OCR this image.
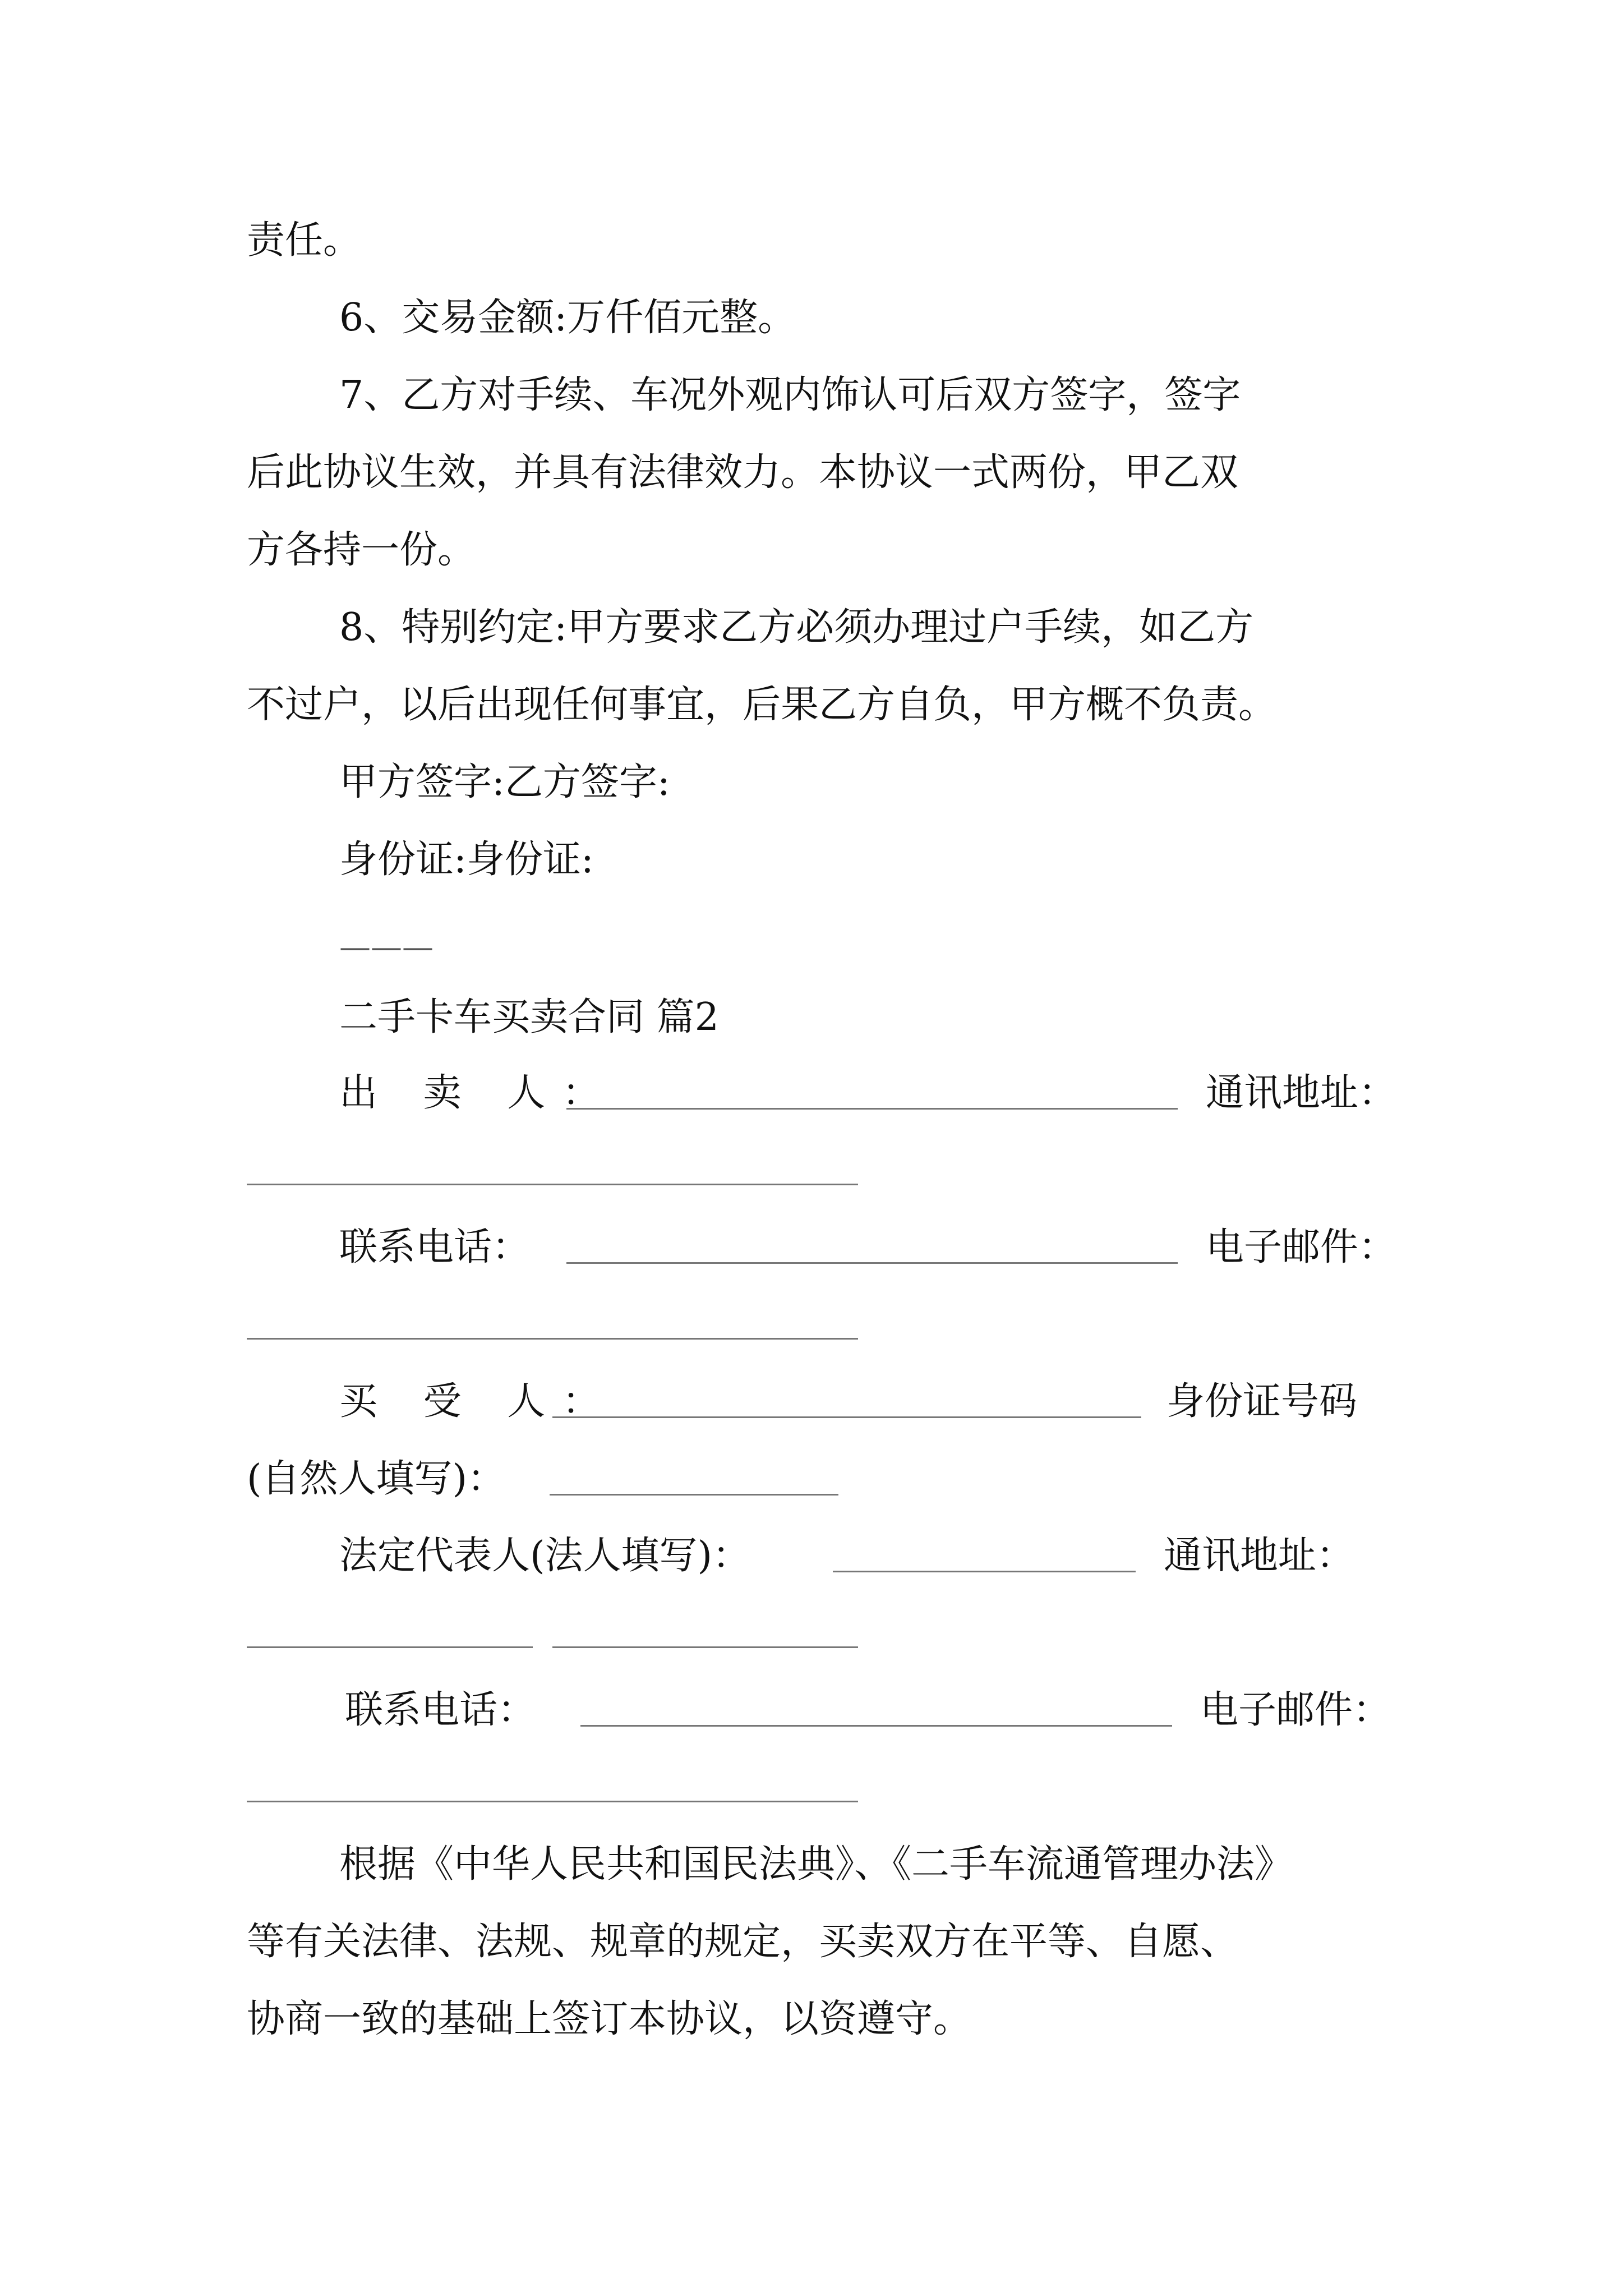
责任。

6、交易金额:万仟佰元整。

7、乙方对手续、车况外观内饰认可后双方签字，签字

后此协议生效，并具有法律效力。本协议一式两份，甲乙双

方各持一份。

8、特别约定:甲方要求乙方必须办理过户手续，如乙方

不过户，以后出现任何事宜，后果乙方自负，甲方概不负责。

甲方签字:乙方签字:

身份证:身份证:

———

二手卡车买卖合同 篇2

出 卖 人：	通讯地址：
联系电话：	电子邮件：
买 受 人：	身份证号码
(自然人填写)：
法定代表人(法人填写)：	通讯地址：
联系电话：	电子邮件：

根据《中华人民共和国民法典》、《二手车流通管理办法》

等有关法律、法规、规章的规定，买卖双方在平等、自愿、

协商一致的基础上签订本协议，以资遵守。
